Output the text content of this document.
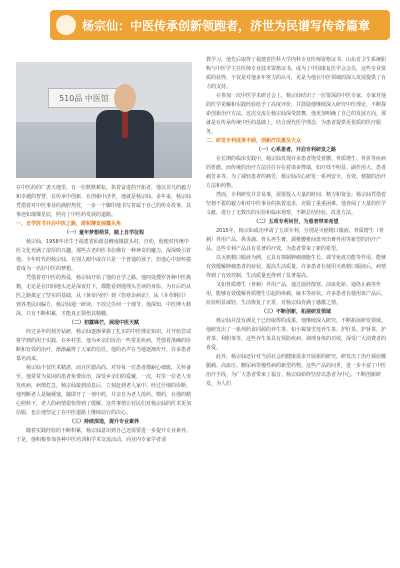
杨宗仙：中医传承创新领跑者，济世为民谱写传奇篇章
510品 中医馆

在中医药的广袤天地里，有一位默默耕耘，执着奋进的开拓者，他以非凡的毅力和卓越的智慧，在传承中创新，在创新中济世，他就是杨宗仙。多年来，杨宗仙凭借着对中医事业的满腔热忱，一步一个脚印地书写着属于自己的传奇故事，其事迹如璀璨星辰，照亮了中医药发展的道路。

一、自学医书开启中医之路，厚积薄发展露头角

（一）童年梦想萌芽，踏上自学征程

杨宗仙，1958年出生于福建省仙游县鲤南镇拔头村。自幼，他便对传统中医文化充满了浓厚的兴趣。那些古老的医书仿佛有一种神奇的魔力，深深吸引着他。少年时代的杨宗仙，在别人眼中或许只是一个普通的孩子，但他心中却怀揣着成为一名好中医的梦想。

凭借着对中医的热爱，杨宗仙开始了他的自学之路。他四处搜罗各种中医典籍，无论是在田间地头还是深夜灯下，都能看到他埋头苦读的身影。为日后的从医之路奠定了坚实的基础，从《黄帝内经》到《伤寒杂病论》，从《本草纲目》到各类民间偏方，杨宗仙通一研读，不放过任何一个细节。他深知，中医博大精深，只有不断积累，才能真正领悟其精髓。

（二）初露锋芒，展现中医天赋

经过多年的刻苦钻研，杨宗仙逐渐掌握了扎实的中医理论知识，并开始尝试将学到的用于实践。在乡村里，他为乡亲们诊治一些常见疾病，凭借着准确的诊断和有效的治疗，渐渐赢得了大家的信任。他的名声在当地逐渐传开，许多患者慕名而来。

杨宗仙不仅医术精湛，而且医德高尚。对待每一位患者都耐心细致，关怀备至。他常常为贫困的患者免费诊治，深受乡亲们的爱戴。一次，村里一位老人突发疾病，病情危急，杨宗仙接到消息后，立刻赶到老人家中。经过仔细的诊断，他判断老人是脑梗塞，随即开了一剂中药，并亲自为老人煎药、喂药，在他的精心照料下，老人的病情很快得到了缓解。这件事情让村民们对杨宗仙的医术更加信服，也让他坚定了在中医道路上继续前行的决心。

（三）持续深造，提升专业素养

随着实践经验的不断积累，杨宗仙意识到自己还需要进一步提升专业素养。于是，他积极参加各种中医培训和学术交流活动，向业内专家学者请

教学习。他先后取得了福建省医科大学内科专业医师资格证书、山东省卫生系统职称与中医学主任医师专业技术资格证书，成为了中国康复医学会会员，这些专业资质的获得，不仅是对他多年努力的认可，更是为他在中医领域的深入发展提供了有力的支持。

在参加一次中医学术研讨会上，杨宗仙结识了一位资深的中医专家，专家对他的医学见解和实践经验给予了高度评价，并鼓励他继续深入研究中医理论，不断探索创新治疗方法。这次交流让杨宗仙深受鼓舞，他更加明确了自己的发展方向，那就是在传承传统中医的基础上，结合现代医学理念，为患者提供更优质的医疗服务。

二、研发专利成果丰硕，创新疗法惠及大众

（一）心系患者，开启专利研发之路

在长期的临床实践中，杨宗仙发现许多患者饱受着腰、骨质增生、骨折等疾病的折磨。而传统的治疗方法往往存在着诸多弊端，如疗效不明显、副作用大、患者痛苦多等。为了减轻患者的痛苦，杨宗仙决心研发一系列安全、有效、便捷的治疗方法和药物。

然而，专利研发并非易事，需要投入大量的时间、精力和资金。杨宗仙凭借着坚韧不拔的毅力和对中医事业的执着追求，克服了重重困难。他查阅了大量的医学文献，进行了无数次的实验和临床观察，不断总结经验，改进方法。

（二）五项专利问世，为患者带来希望

2015年，杨宗仙成功申请了五项专利，分别是灭癌精口服液、骨质增生（骨刺）外用产品、鼻炎滴、骨头再生膏、颈椎腰椎间盘突出膏外用等新型的治疗产品。这些专利产品具有显著的疗效，为患者带来了新的希望。

以灭癌精口服液为例，它具有抑制肿瘤细胞生长、调节免疫功能等作用，能够有效缓解肿瘤患者的症状，提高生活质量。许多患者在使用灭癌精口服液后，病情得到了有效控制，生活质量也得到了显著提高。

又如骨质增生（骨刺）外用产品，通过温经散寒、活血化瘀、通络止痛等作用，能够有效缓解骨质增生引起的疼痛、麻木等症状。许多患者在使用该产品后，症状明显减轻，生活恢复了正常，对杨宗仙充满了感激之情。

（三）不断创新，拓展研发领域

杨宗仙并没有满足于已经取得的成果，他继续深入研究，不断拓展研发领域。他研发出了一系列药食同源的养生茶、如小蜀葵雪莲养生茶、护肝茶、护肾茶、护胃茶、利胆茶等，这些养生茶具有预防疾病、调理身体的功效，深受广大消费者的喜爱。

此外，杨宗仙还针对当前社会的健康需求开展新的研究，研发出了治疗颈肩腰腿痛、高血压、糖尿病等慢性病的新型药物。这些产品的问世，进一步丰富了中医治疗手段，为广大患者带来了福音。杨宗仙始终坚持以患者为中心，不断创新研发，为人们
